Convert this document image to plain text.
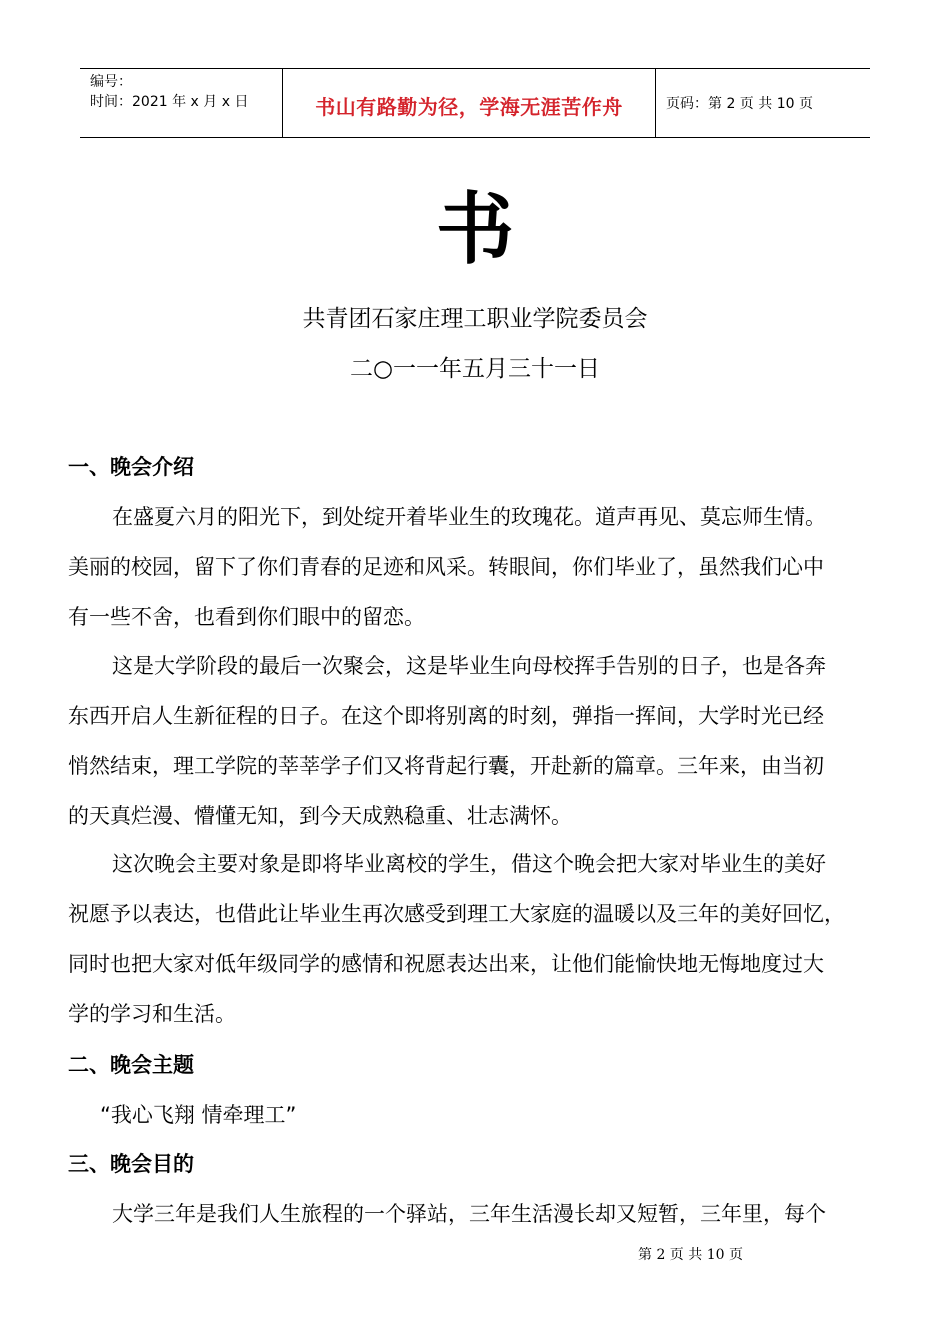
编号：
时间：2021 年 x 月 x 日	书山有路勤为径，学海无涯苦作舟	页码：第 2 页 共 10 页
书
共青团石家庄理工职业学院委员会
二○一一年五月三十一日
一、晚会介绍
在盛夏六月的阳光下，到处绽开着毕业生的玫瑰花。道声再见、莫忘师生情。
美丽的校园，留下了你们青春的足迹和风采。转眼间，你们毕业了，虽然我们心中
有一些不舍，也看到你们眼中的留恋。
这是大学阶段的最后一次聚会，这是毕业生向母校挥手告别的日子，也是各奔
东西开启人生新征程的日子。在这个即将别离的时刻，弹指一挥间，大学时光已经
悄然结束，理工学院的莘莘学子们又将背起行囊，开赴新的篇章。三年来，由当初
的天真烂漫、懵懂无知，到今天成熟稳重、壮志满怀。
这次晚会主要对象是即将毕业离校的学生，借这个晚会把大家对毕业生的美好
祝愿予以表达，也借此让毕业生再次感受到理工大家庭的温暖以及三年的美好回忆，
同时也把大家对低年级同学的感情和祝愿表达出来，让他们能愉快地无悔地度过大
学的学习和生活。
二、晚会主题
“我心飞翔 情牵理工”
三、晚会目的
大学三年是我们人生旅程的一个驿站，三年生活漫长却又短暂，三年里，每个
第 2 页 共 10 页
